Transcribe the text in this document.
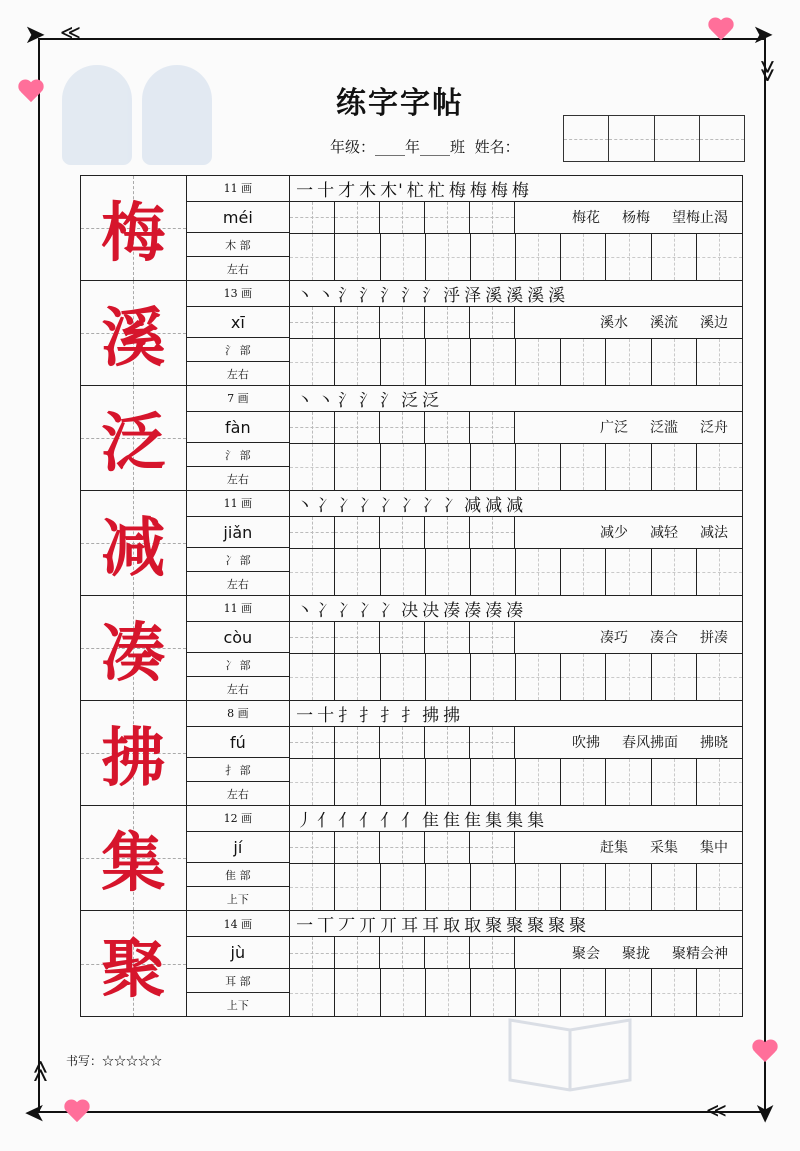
➤ ≪	➤
≫
➤	≪ ➤
≪
练字字帖
年级：____年____班 姓名：
梅
11 画
méi
木 部
左右
一 十 才 木 木' 杧 杧 梅 梅 梅 梅
梅花 杨梅 望梅止渴
溪
13 画
xī
氵 部
左右
丶 丶 氵 氵 氵 氵 氵 泘 泽 溪 溪 溪 溪
溪水 溪流 溪边
泛
7 画
fàn
氵 部
左右
丶 丶 氵 氵 氵 泛 泛
广泛 泛滥 泛舟
减
11 画
jiǎn
冫 部
左右
丶 冫 冫 冫 冫 冫 冫 冫 减 减 减
减少 减轻 减法
凑
11 画
còu
冫 部
左右
丶 冫 冫 冫 冫 决 决 凑 凑 凑 凑
凑巧 凑合 拼凑
拂
8 画
fú
扌 部
左右
一 十 扌 扌 扌 扌 拂 拂
吹拂 春风拂面 拂晓
集
12 画
jí
隹 部
上下
丿 亻 亻 亻 亻 亻 隹 隹 隹 集 集 集
赶集 采集 集中
聚
14 画
jù
耳 部
上下
一 丅 丆 丌 丌 耳 耳 取 取 聚 聚 聚 聚 聚
聚会 聚拢 聚精会神
书写：☆☆☆☆☆
